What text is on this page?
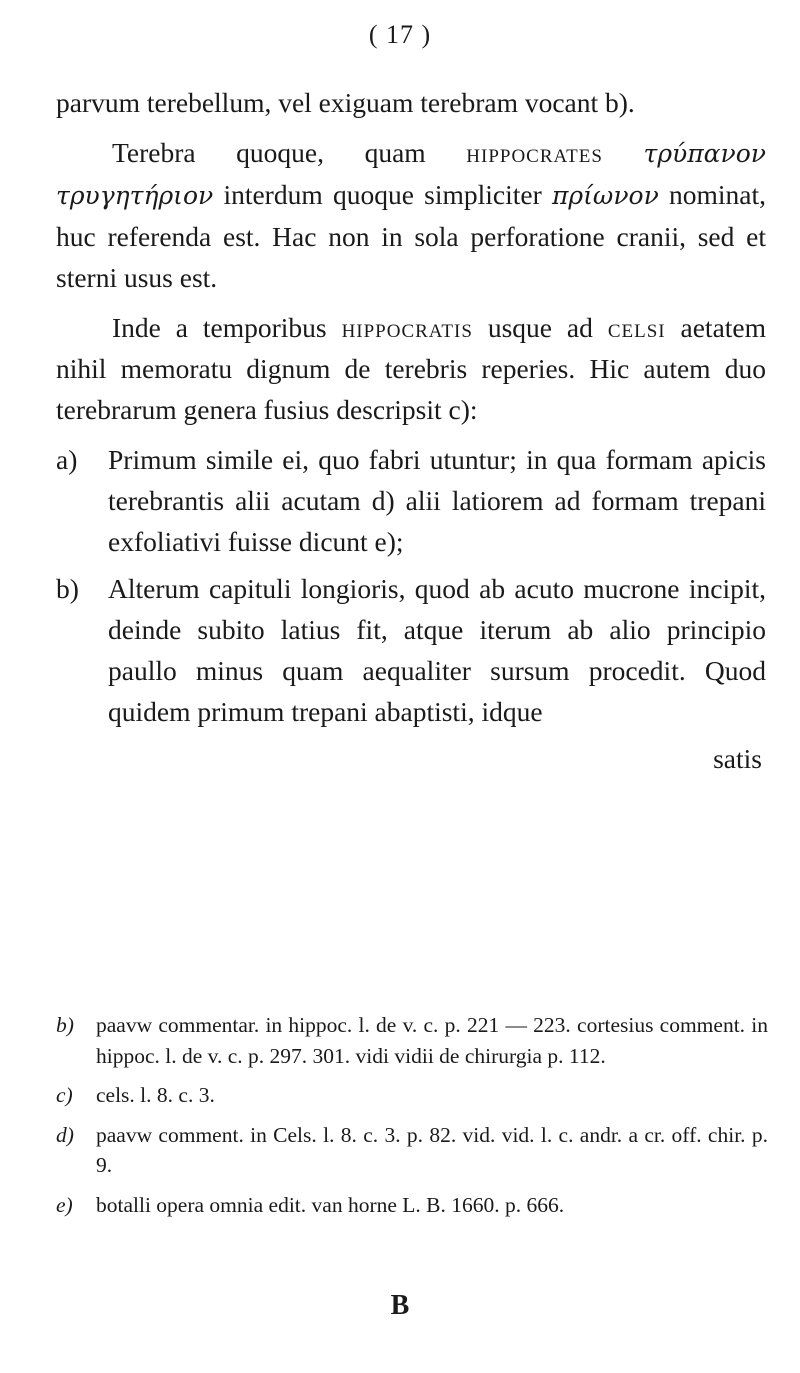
( 17 )

parvum terebellum, vel exiguam terebram vocant b).

Terebra quoque, quam hippocrates τρύπανον τρυγητήριον interdum quoque simpliciter πρίωνον nominat, huc referenda est. Hac non in sola perforatione cranii, sed et sterni usus est.

Inde a temporibus hippocratis usque ad celsi aetatem nihil memoratu dignum de terebris reperies. Hic autem duo terebrarum genera fusius descripsit c):

a) Primum simile ei, quo fabri utuntur; in qua formam apicis terebrantis alii acutam d) alii latiorem ad formam trepani exfoliativi fuisse dicunt e);
b) Alterum capituli longioris, quod ab acuto mucrone incipit, deinde subito latius fit, atque iterum ab alio principio paullo minus quam aequaliter sursum procedit. Quod quidem primum trepani abaptisti, idque
satis
b) paavw commentar. in hippoc. l. de v. c. p. 221 — 223. cortesius comment. in hippoc. l. de v. c. p. 297. 301. vidi vidii de chirurgia p. 112.
c) cels. l. 8. c. 3.
d) paavw comment. in Cels. l. 8. c. 3. p. 82. vid. vid. l. c. andr. a cr. off. chir. p. 9.
e) botalli opera omnia edit. van horne L. B. 1660. p. 666.
B
